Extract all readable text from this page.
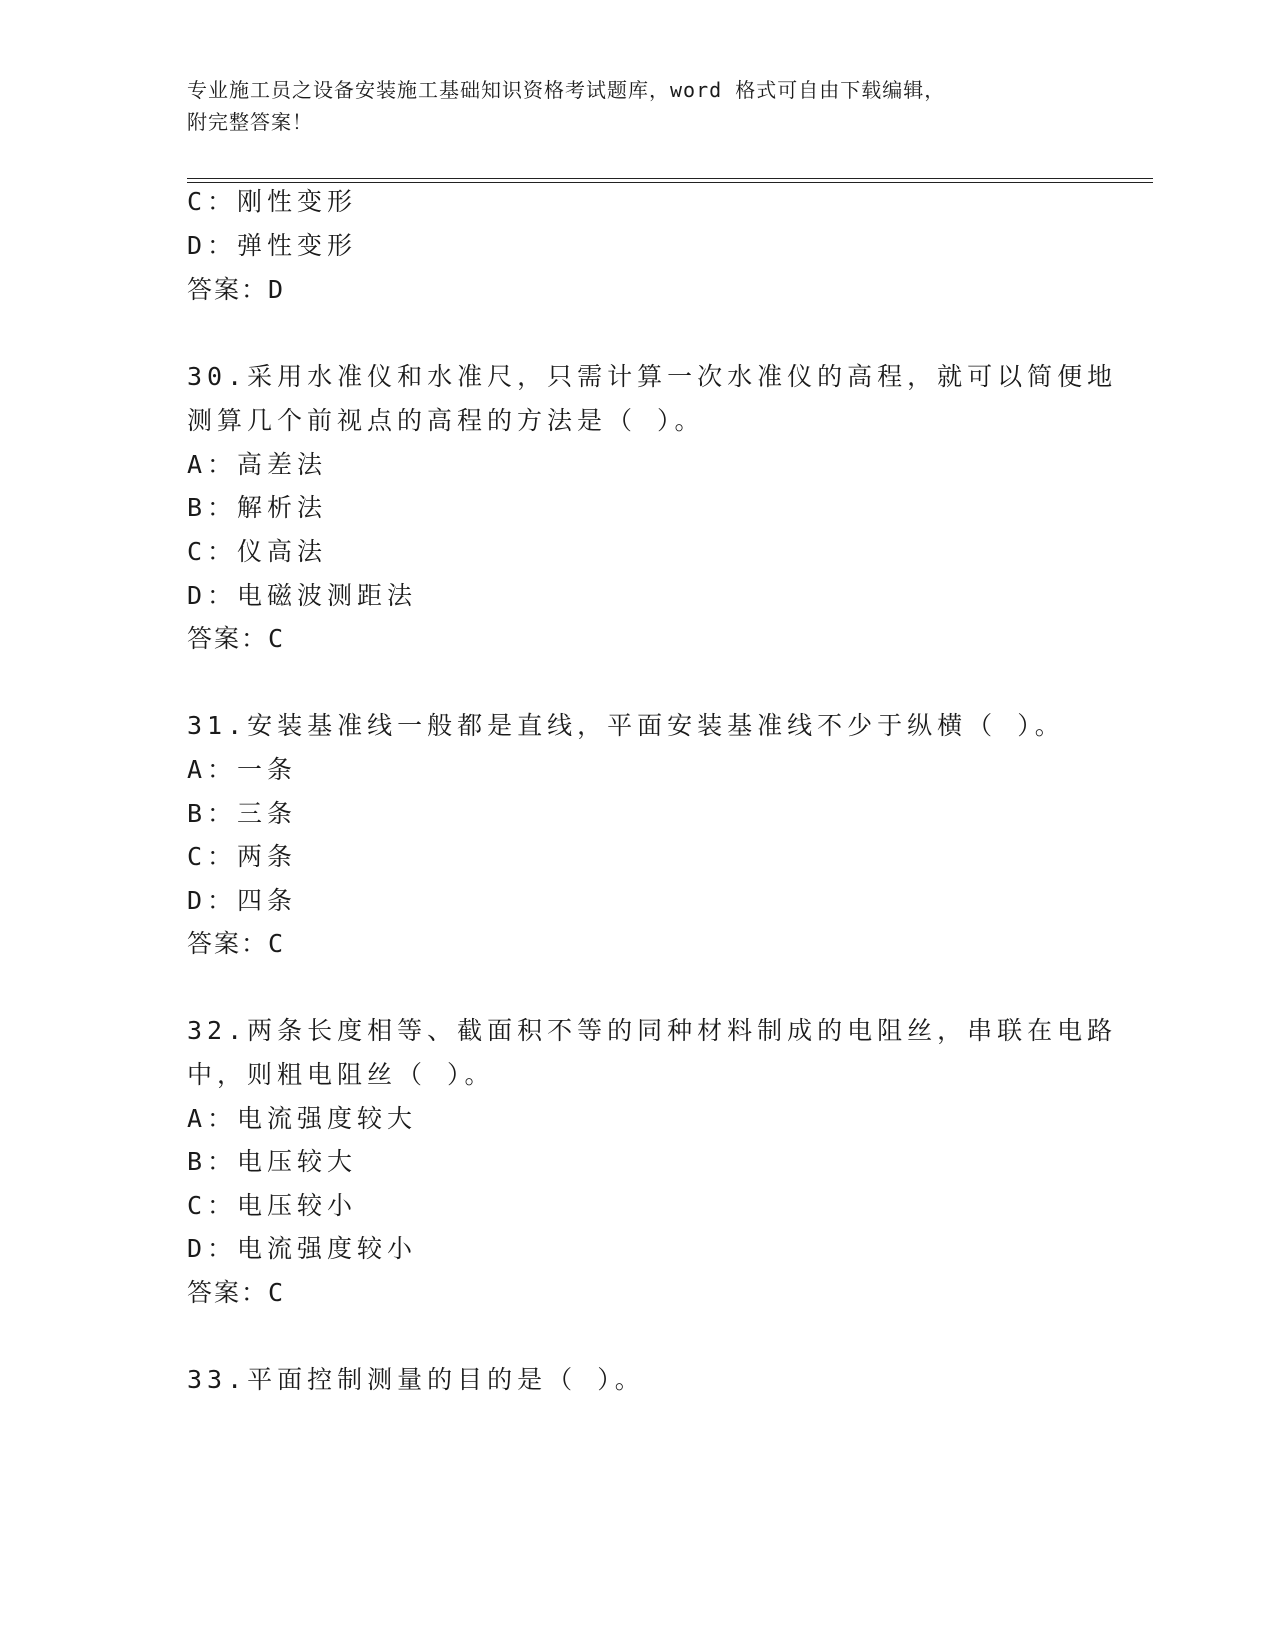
专业施工员之设备安装施工基础知识资格考试题库，word 格式可自由下载编辑，
附完整答案！
C：刚性变形
D：弹性变形
答案：D
30.采用水准仪和水准尺，只需计算一次水准仪的高程，就可以简便地
测算几个前视点的高程的方法是（ ）。
A：高差法
B：解析法
C：仪高法
D：电磁波测距法
答案：C
31.安装基准线一般都是直线，平面安装基准线不少于纵横（ ）。
A：一条
B：三条
C：两条
D：四条
答案：C
32.两条长度相等、截面积不等的同种材料制成的电阻丝，串联在电路
中，则粗电阻丝（ ）。
A：电流强度较大
B：电压较大
C：电压较小
D：电流强度较小
答案：C
33.平面控制测量的目的是（ ）。
